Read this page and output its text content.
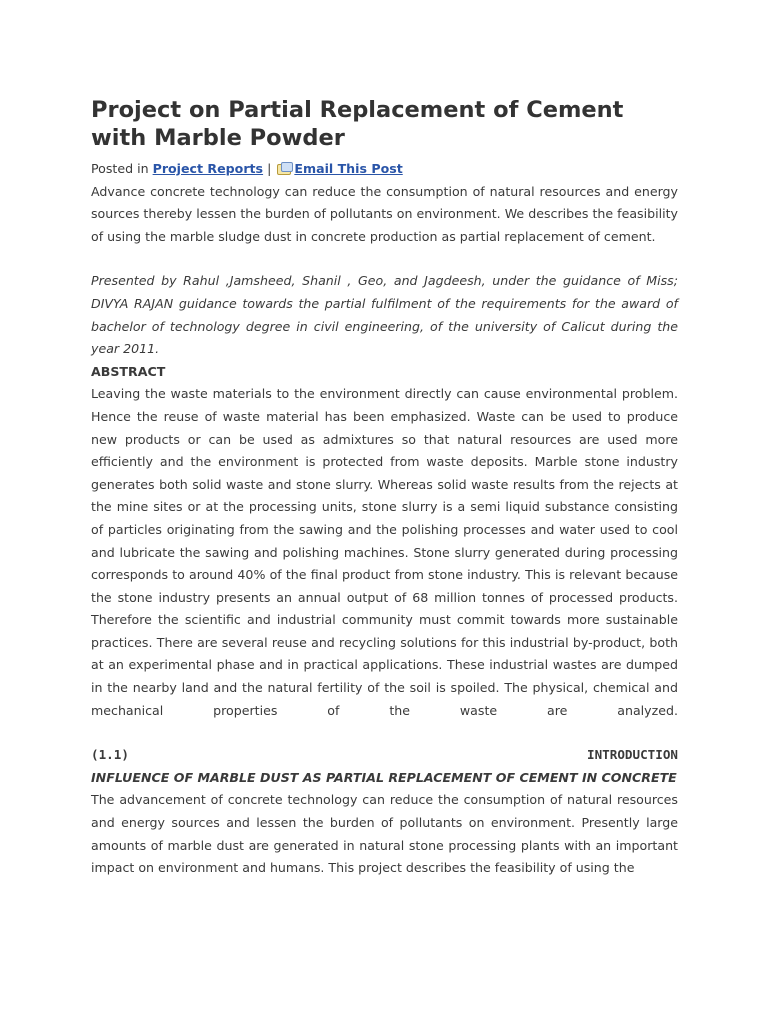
Project on Partial Replacement of Cement with Marble Powder

Posted in Project Reports | Email This Post

Advance concrete technology can reduce the consumption of natural resources and energy sources thereby lessen the burden of pollutants on environment. We describes the feasibility of using the marble sludge dust in concrete production as partial replacement of cement.

Presented by Rahul ,Jamsheed, Shanil , Geo, and Jagdeesh, under the guidance of Miss; DIVYA RAJAN guidance towards the partial fulfilment of the requirements for the award of bachelor of technology degree in civil engineering, of the university of Calicut during the year 2011.

ABSTRACT

Leaving the waste materials to the environment directly can cause environmental problem. Hence the reuse of waste material has been emphasized. Waste can be used to produce new products or can be used as admixtures so that natural resources are used more efficiently and the environment is protected from waste deposits. Marble stone industry generates both solid waste and stone slurry. Whereas solid waste results from the rejects at the mine sites or at the processing units, stone slurry is a semi liquid substance consisting of particles originating from the sawing and the polishing processes and water used to cool and lubricate the sawing and polishing machines. Stone slurry generated during processing corresponds to around 40% of the final product from stone industry. This is relevant because the stone industry presents an annual output of 68 million tonnes of processed products. Therefore the scientific and industrial community must commit towards more sustainable practices. There are several reuse and recycling solutions for this industrial by-product, both at an experimental phase and in practical applications. These industrial wastes are dumped in the nearby land and the natural fertility of the soil is spoiled. The physical, chemical and mechanical properties of the waste are analyzed.

(1.1)	INTRODUCTION

INFLUENCE OF MARBLE DUST AS PARTIAL REPLACEMENT OF CEMENT IN CONCRETE

The advancement of concrete technology can reduce the consumption of natural resources and energy sources and lessen the burden of pollutants on environment. Presently large amounts of marble dust are generated in natural stone processing plants with an important impact on environment and humans. This project describes the feasibility of using the
